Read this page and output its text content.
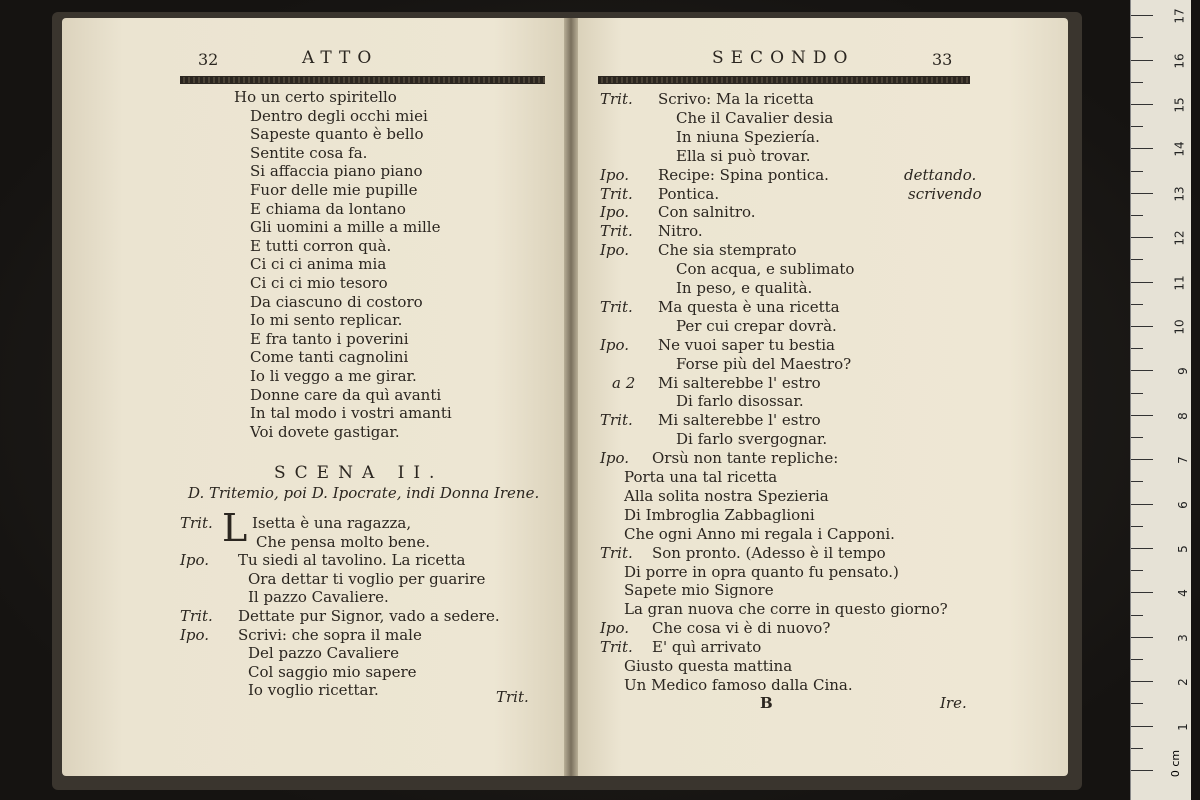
32	ATTO
Ho un certo spiritello
Dentro degli occhi miei
Sapeste quanto è bello
Sentite cosa fa.
Si affaccia piano piano
Fuor delle mie pupille
E chiama da lontano
Gli uomini a mille a mille
E tutti corron quà.
Ci ci ci anima mia
Ci ci ci mio tesoro
Da ciascuno di costoro
Io mi sento replicar.
E fra tanto i poverini
Come tanti cagnolini
Io li veggo a me girar.
Donne care da quì avanti
In tal modo i vostri amanti
Voi dovete gastigar.
SCENA II.
D. Tritemio, poi D. Ipocrate, indi Donna Irene.
Trit. L Isetta è una ragazza,
Che pensa molto bene.
Ipo. Tu siedi al tavolino. La ricetta
Ora dettar ti voglio per guarire
Il pazzo Cavaliere.
Trit. Dettate pur Signor, vado a sedere.
Ipo. Scrivi: che sopra il male
Del pazzo Cavaliere
Col saggio mio sapere
Io voglio ricettar.	Trit.
SECONDO	33
Trit. Scrivo: Ma la ricetta
Che il Cavalier desia
In niuna Speziería.
Ella si può trovar.
Ipo. Recipe: Spina pontica.	dettando.
Trit. Pontica.	scrivendo
Ipo. Con salnitro.
Trit. Nitro.
Ipo. Che sia stemprato
Con acqua, e sublimato
In peso, e qualità.
Trit. Ma questa è una ricetta
Per cui crepar dovrà.
Ipo. Ne vuoi saper tu bestia
Forse più del Maestro?
a 2 Mi salterebbe l' estro
Di farlo disossar.
Trit. Mi salterebbe l' estro
Di farlo svergognar.
Ipo. Orsù non tante repliche:
Porta una tal ricetta
Alla solita nostra Spezieria
Di Imbroglia Zabbaglioni
Che ogni Anno mi regala i Capponi.
Trit. Son pronto. (Adesso è il tempo
Di porre in opra quanto fu pensato.)
Sapete mio Signore
La gran nuova che corre in questo giorno?
Ipo. Che cosa vi è di nuovo?
Trit. E' quì arrivato
Giusto questa mattina
Un Medico famoso dalla Cina.
B	Ire.
0 cm
1
2
3
4
5
6
7
8
9
10
11
12
13
14
15
16
17
